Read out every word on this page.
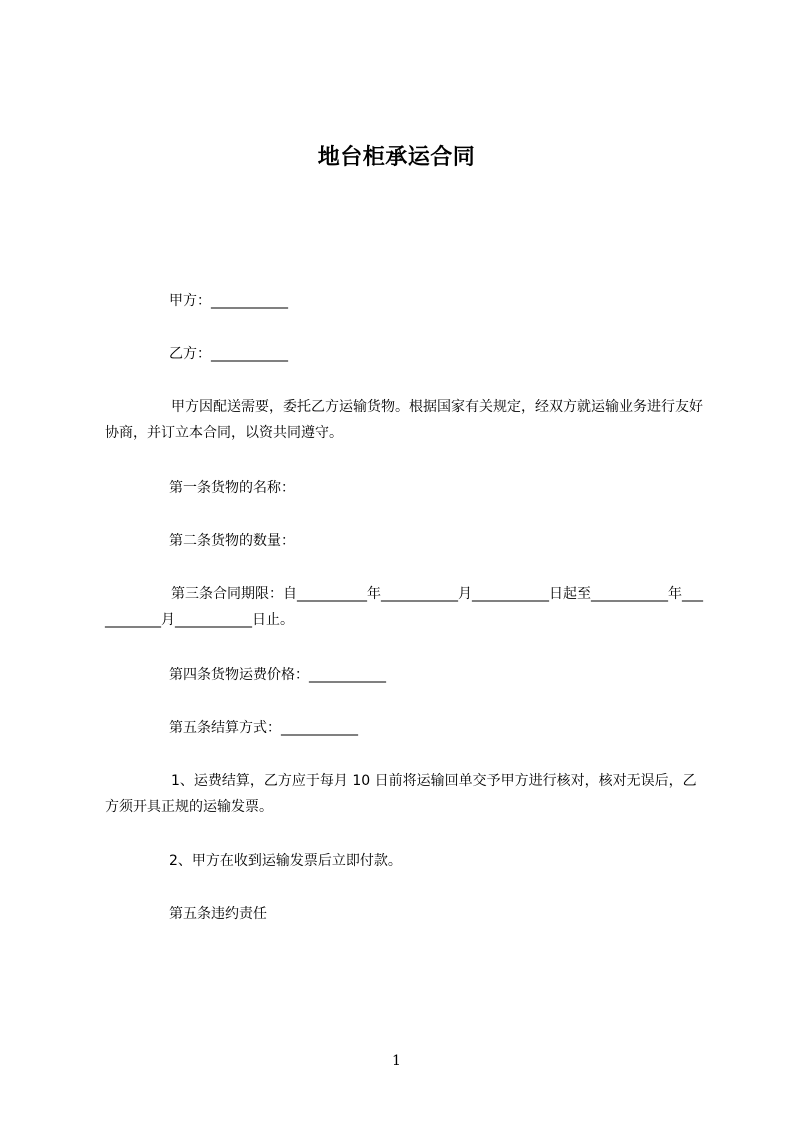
地台柜承运合同
甲方：___________
乙方：___________
甲方因配送需要，委托乙方运输货物。根据国家有关规定，经双方就运输业务进行友好协商，并订立本合同，以资共同遵守。
第一条货物的名称：
第二条货物的数量：
第三条合同期限：自__________年___________月___________日起至___________年___________月___________日止。
第四条货物运费价格：___________
第五条结算方式：___________
1、运费结算，乙方应于每月 10 日前将运输回单交予甲方进行核对，核对无误后，乙方须开具正规的运输发票。
2、甲方在收到运输发票后立即付款。
第五条违约责任
1
